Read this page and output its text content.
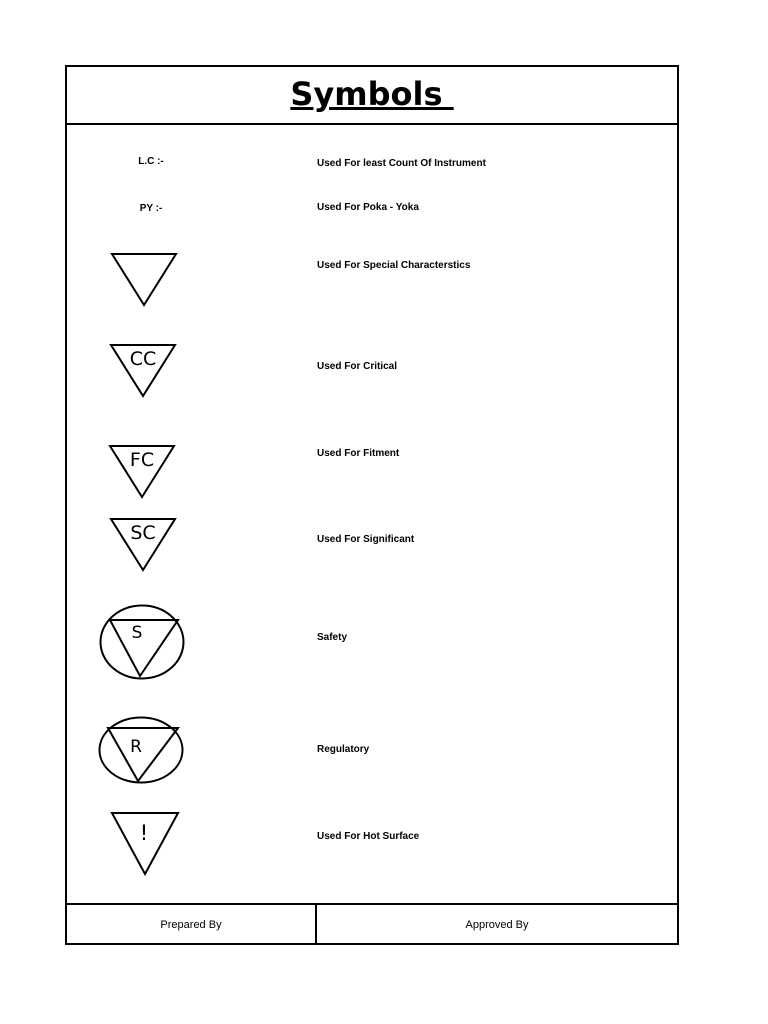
Symbols
L.C :-	Used For least Count Of Instrument
PY :-	Used For Poka - Yoka
Used For Special Characterstics
CC	Used For Critical
FC	Used For Fitment
SC	Used For Significant
S	Safety
R	Regulatory
!	Used For Hot Surface
Prepared By	Approved By
